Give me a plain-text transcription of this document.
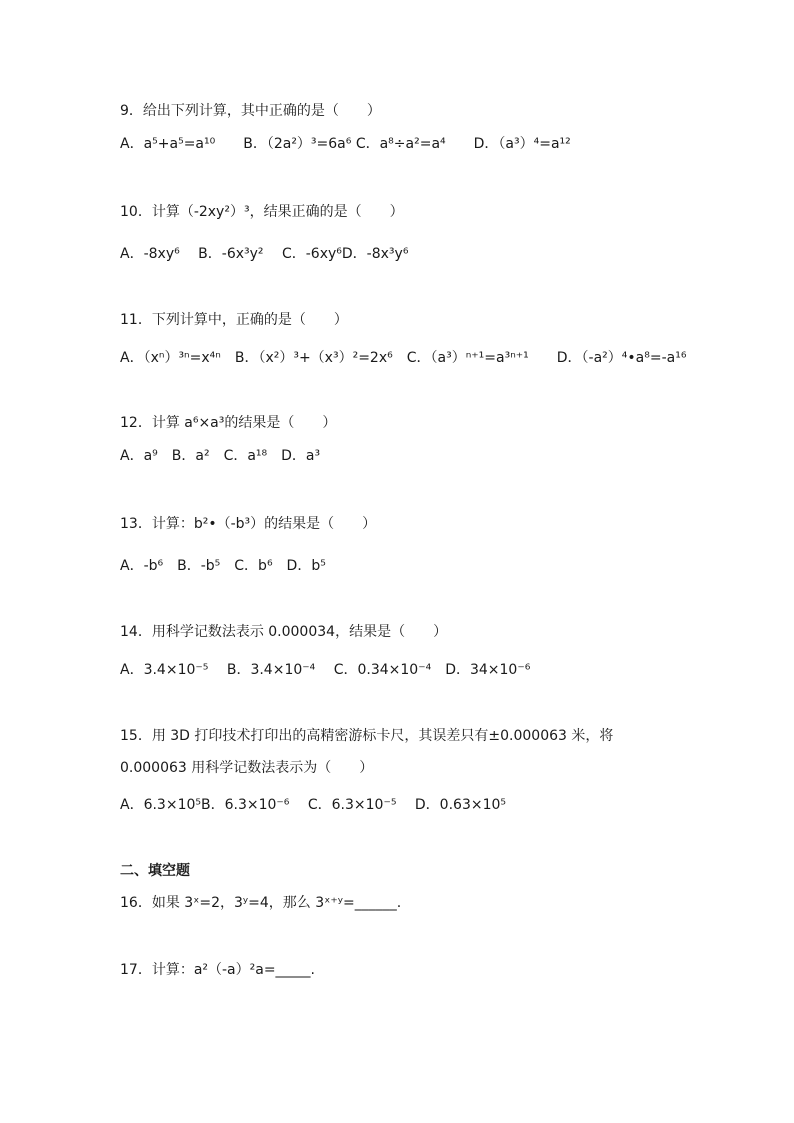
9．给出下列计算，其中正确的是（　　）
A．a⁵+a⁵=a¹⁰　　B．（2a²）³=6a⁶ C．a⁸÷a²=a⁴　　D．（a³）⁴=a¹²
10．计算（-2xy²）³，结果正确的是（　　）
A．-8xy⁶　 B．-6x³y²　 C．-6xy⁶D．-8x³y⁶
11．下列计算中，正确的是（　　）
A．（xⁿ）³ⁿ=x⁴ⁿ　B．（x²）³+（x³）²=2x⁶　C．（a³）ⁿ⁺¹=a³ⁿ⁺¹　　D．（-a²）⁴•a⁸=-a¹⁶
12．计算 a⁶×a³的结果是（　　）
A．a⁹　B．a²　C．a¹⁸　D．a³
13．计算：b²•（-b³）的结果是（　　）
A．-b⁶　B．-b⁵　C．b⁶　D．b⁵
14．用科学记数法表示 0.000034，结果是（　　）
A．3.4×10⁻⁵　 B．3.4×10⁻⁴　 C．0.34×10⁻⁴　D．34×10⁻⁶
15．用 3D 打印技术打印出的高精密游标卡尺，其误差只有±0.000063 米，将
0.000063 用科学记数法表示为（　　）
A．6.3×10⁵B．6.3×10⁻⁶　 C．6.3×10⁻⁵　 D．0.63×10⁵
二、填空题
16．如果 3ˣ=2，3ʸ=4，那么 3ˣ⁺ʸ=______.
17．计算：a²（-a）²a=_____.
